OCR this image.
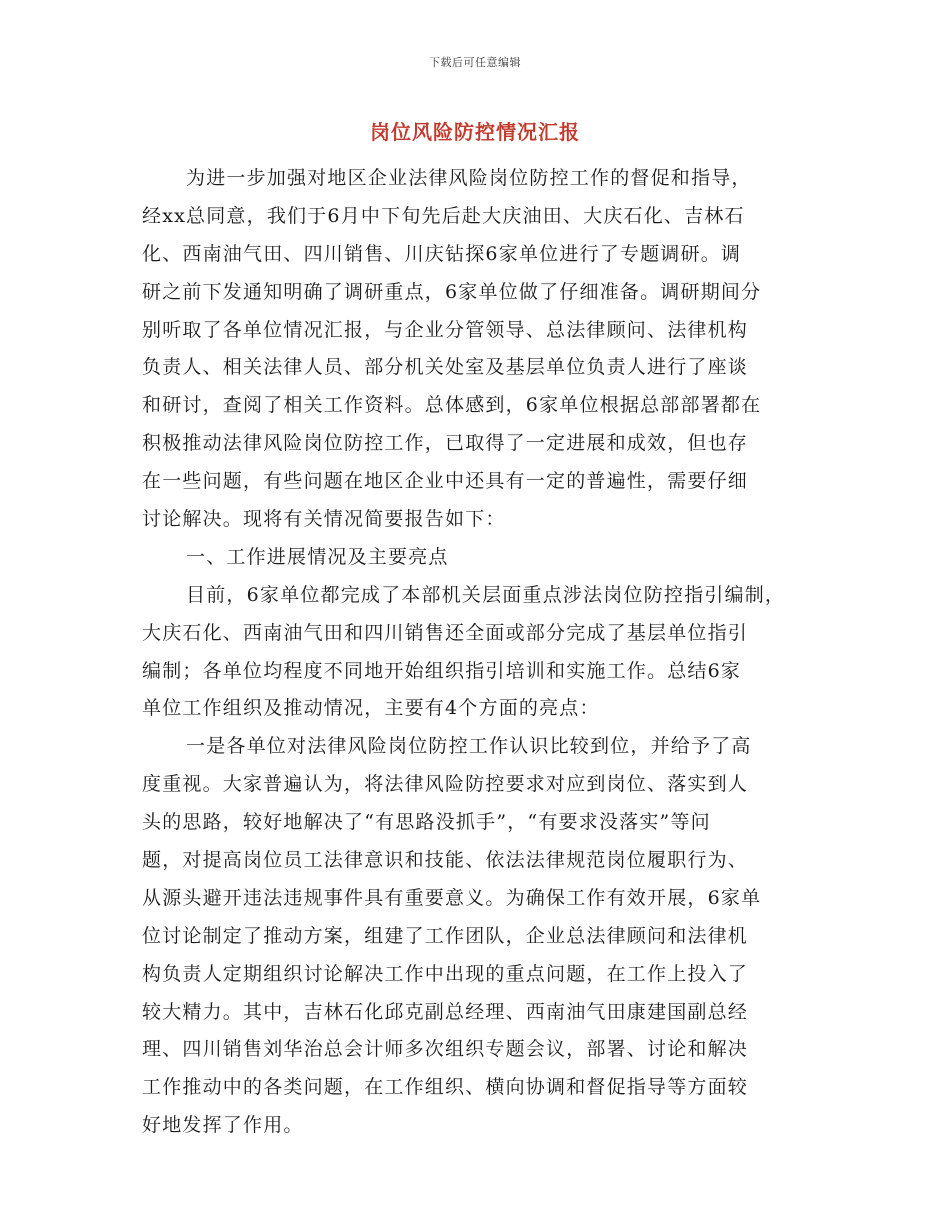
下载后可任意编辑
岗位风险防控情况汇报
为进一步加强对地区企业法律风险岗位防控工作的督促和指导，
经xx总同意，我们于6月中下旬先后赴大庆油田、大庆石化、吉林石
化、西南油气田、四川销售、川庆钻探6家单位进行了专题调研。调
研之前下发通知明确了调研重点，6家单位做了仔细准备。调研期间分
别听取了各单位情况汇报，与企业分管领导、总法律顾问、法律机构
负责人、相关法律人员、部分机关处室及基层单位负责人进行了座谈
和研讨，查阅了相关工作资料。总体感到，6家单位根据总部部署都在
积极推动法律风险岗位防控工作，已取得了一定进展和成效，但也存
在一些问题，有些问题在地区企业中还具有一定的普遍性，需要仔细
讨论解决。现将有关情况简要报告如下：
一、工作进展情况及主要亮点
目前，6家单位都完成了本部机关层面重点涉法岗位防控指引编制，
大庆石化、西南油气田和四川销售还全面或部分完成了基层单位指引
编制；各单位均程度不同地开始组织指引培训和实施工作。总结6家
单位工作组织及推动情况，主要有4个方面的亮点：
一是各单位对法律风险岗位防控工作认识比较到位，并给予了高
度重视。大家普遍认为，将法律风险防控要求对应到岗位、落实到人
头的思路，较好地解决了“有思路没抓手”，“有要求没落实”等问
题，对提高岗位员工法律意识和技能、依法法律规范岗位履职行为、
从源头避开违法违规事件具有重要意义。为确保工作有效开展，6家单
位讨论制定了推动方案，组建了工作团队，企业总法律顾问和法律机
构负责人定期组织讨论解决工作中出现的重点问题，在工作上投入了
较大精力。其中，吉林石化邱克副总经理、西南油气田康建国副总经
理、四川销售刘华治总会计师多次组织专题会议，部署、讨论和解决
工作推动中的各类问题，在工作组织、横向协调和督促指导等方面较
好地发挥了作用。
